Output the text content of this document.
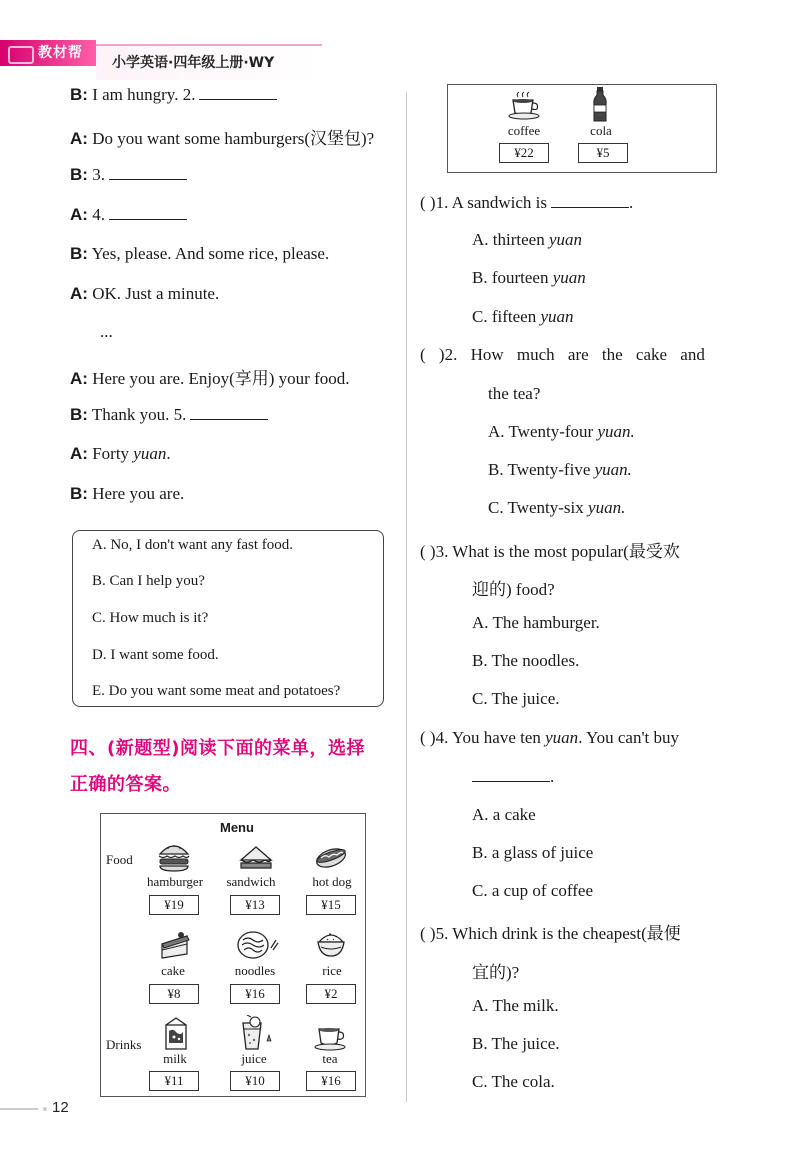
教材帮
小学英语·四年级上册·WY
B: I am hungry. 2.
A: Do you want some hamburgers(汉堡包)?
B: 3.
A: 4.
B: Yes, please. And some rice, please.
A: OK. Just a minute.
...
A: Here you are. Enjoy(享用) your food.
B: Thank you. 5.
A: Forty yuan.
B: Here you are.
A. No, I don't want any fast food.
B. Can I help you?
C. How much is it?
D. I want some food.
E. Do you want some meat and potatoes?
四、(新题型)阅读下面的菜单，选择
正确的答案。
Menu
Food
Drinks
hamburger	sandwich	hot dog
¥19	¥13	¥15
cake	noodles	rice
¥8	¥16	¥2
milk	juice	tea
¥11	¥10	¥16
coffee	cola
¥22	¥5
( )1. A sandwich is	.
A. thirteen yuan
B. fourteen yuan
C. fifteen yuan
( )2. How much are the cake and
the tea?
A. Twenty-four yuan.
B. Twenty-five yuan.
C. Twenty-six yuan.
( )3. What is the most popular(最受欢
迎的) food?
A. The hamburger.
B. The noodles.
C. The juice.
( )4. You have ten yuan. You can't buy
.
A. a cake
B. a glass of juice
C. a cup of coffee
( )5. Which drink is the cheapest(最便
宜的)?
A. The milk.
B. The juice.
C. The cola.
12
